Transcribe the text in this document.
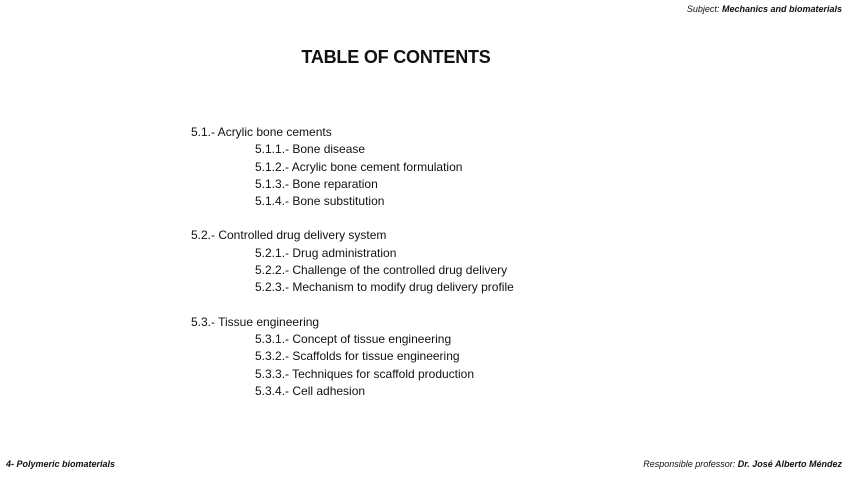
Subject: Mechanics and biomaterials
TABLE OF CONTENTS
5.1.- Acrylic bone cements
5.1.1.- Bone disease
5.1.2.- Acrylic bone cement formulation
5.1.3.- Bone reparation
5.1.4.- Bone substitution
5.2.- Controlled drug delivery system
5.2.1.- Drug administration
5.2.2.- Challenge of the controlled drug delivery
5.2.3.- Mechanism to modify drug delivery profile
5.3.- Tissue engineering
5.3.1.- Concept of tissue engineering
5.3.2.- Scaffolds for tissue engineering
5.3.3.- Techniques for scaffold production
5.3.4.- Cell adhesion
4- Polymeric biomaterials	Responsible professor: Dr. José Alberto Méndez
